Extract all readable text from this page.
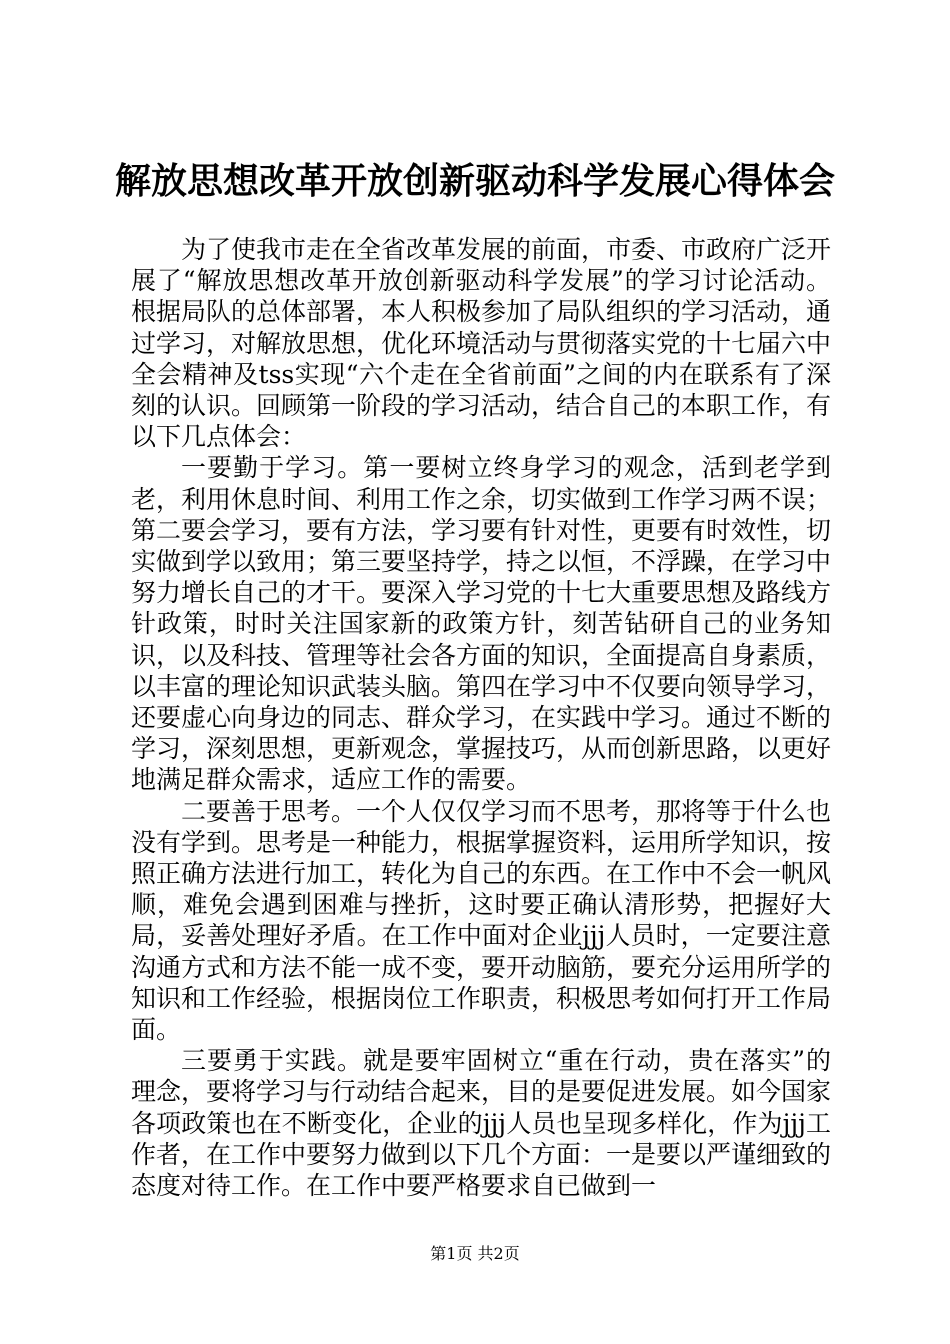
解放思想改革开放创新驱动科学发展心得体会

为了使我市走在全省改革发展的前面，市委、市政府广泛开展了“解放思想改革开放创新驱动科学发展”的学习讨论活动。根据局队的总体部署，本人积极参加了局队组织的学习活动，通过学习，对解放思想，优化环境活动与贯彻落实党的十七届六中全会精神及tss实现“六个走在全省前面”之间的内在联系有了深刻的认识。回顾第一阶段的学习活动，结合自己的本职工作，有以下几点体会：

一要勤于学习。第一要树立终身学习的观念，活到老学到老，利用休息时间、利用工作之余，切实做到工作学习两不误；第二要会学习，要有方法，学习要有针对性，更要有时效性，切实做到学以致用；第三要坚持学，持之以恒，不浮躁，在学习中努力增长自己的才干。要深入学习党的十七大重要思想及路线方针政策，时时关注国家新的政策方针，刻苦钻研自己的业务知识，以及科技、管理等社会各方面的知识，全面提高自身素质，以丰富的理论知识武装头脑。第四在学习中不仅要向领导学习，还要虚心向身边的同志、群众学习，在实践中学习。通过不断的学习，深刻思想，更新观念，掌握技巧，从而创新思路，以更好地满足群众需求，适应工作的需要。

二要善于思考。一个人仅仅学习而不思考，那将等于什么也没有学到。思考是一种能力，根据掌握资料，运用所学知识，按照正确方法进行加工，转化为自己的东西。在工作中不会一帆风顺，难免会遇到困难与挫折，这时要正确认清形势，把握好大局，妥善处理好矛盾。在工作中面对企业jjj人员时，一定要注意沟通方式和方法不能一成不变，要开动脑筋，要充分运用所学的知识和工作经验，根据岗位工作职责，积极思考如何打开工作局面。

三要勇于实践。就是要牢固树立“重在行动，贵在落实”的理念，要将学习与行动结合起来，目的是要促进发展。如今国家各项政策也在不断变化，企业的jjj人员也呈现多样化，作为jjj工作者，在工作中要努力做到以下几个方面：一是要以严谨细致的态度对待工作。在工作中要严格要求自已做到一

第1页 共2页
